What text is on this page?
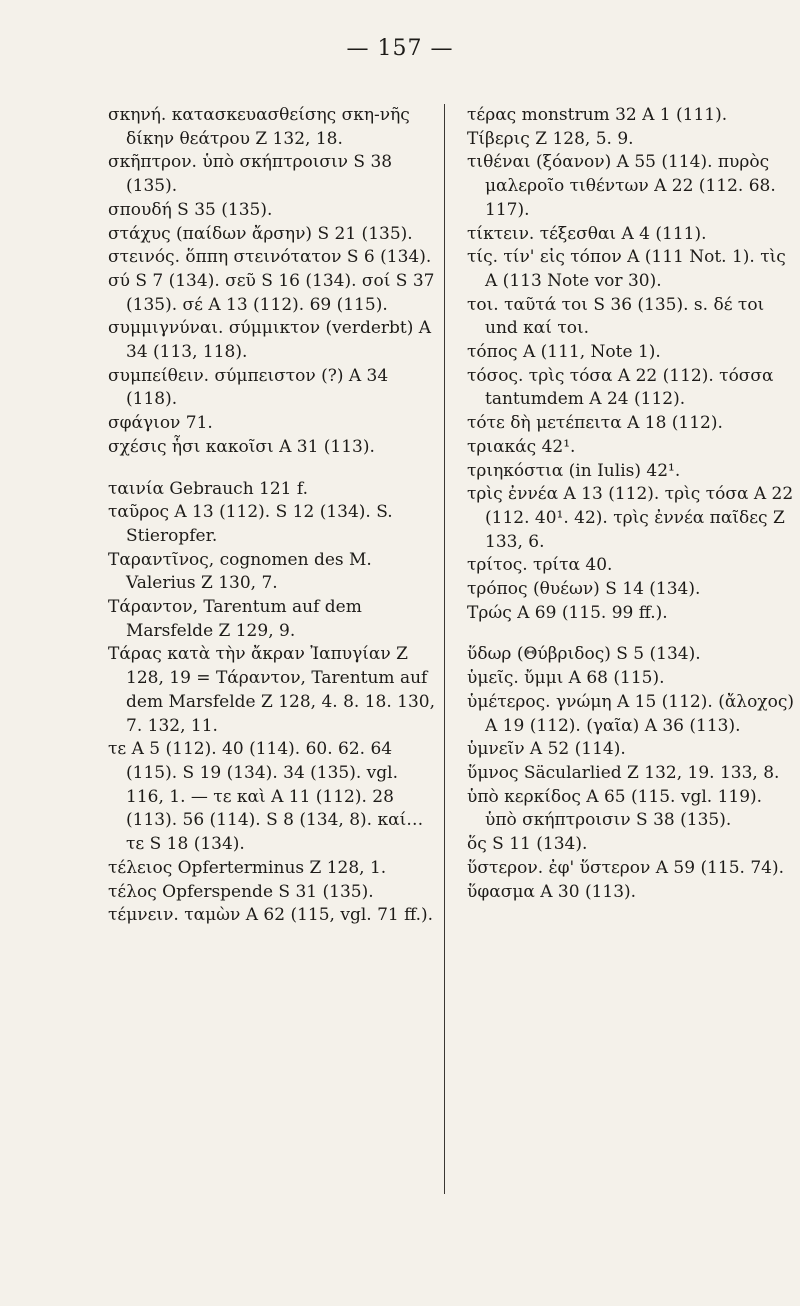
— 157 —
σκηνή. κατασκευασθείσης σκη-νῆς δίκην θεάτρου Z 132, 18.
σκῆπτρον. ὑπὸ σκήπτροισιν S 38 (135).
σπουδή S 35 (135).
στάχυς (παίδων ἄρσην) S 21 (135).
στεινός. ὅππη στεινότατον S 6 (134).
σύ S 7 (134). σεῦ S 16 (134). σοί S 37 (135). σέ A 13 (112). 69 (115).
συμμιγνύναι. σύμμικτον (verderbt) A 34 (113, 118).
συμπείθειν. σύμπειστον (?) A 34 (118).
σφάγιον 71.
σχέσις ἧσι κακοῖσι A 31 (113).
ταινία Gebrauch 121 f.
ταῦρος A 13 (112). S 12 (134). S. Stieropfer.
Ταραντῖνος, cognomen des M. Valerius Z 130, 7.
Τάραντον, Tarentum auf dem Marsfelde Z 129, 9.
Τάρας κατὰ τὴν ἄκραν Ἰαπυγίαν Z 128, 19 = Τάραντον, Tarentum auf dem Marsfelde Z 128, 4. 8. 18. 130, 7. 132, 11.
τε A 5 (112). 40 (114). 60. 62. 64 (115). S 19 (134). 34 (135). vgl. 116, 1. — τε καὶ A 11 (112). 28 (113). 56 (114). S 8 (134, 8). καί… τε S 18 (134).
τέλειος Opferterminus Z 128, 1.
τέλος Opferspende S 31 (135).
τέμνειν. ταμὼν A 62 (115, vgl. 71 ff.).
τέρας monstrum 32 A 1 (111).
Τίβερις Z 128, 5. 9.
τιθέναι (ξόανον) A 55 (114). πυρὸς μαλεροῖο τιθέντων A 22 (112. 68. 117).
τίκτειν. τέξεσθαι A 4 (111).
τίς. τίν' εἰς τόπον A (111 Not. 1). τὶς A (113 Note vor 30).
τοι. ταῦτά τοι S 36 (135). s. δέ τοι und καί τοι.
τόπος A (111, Note 1).
τόσος. τρὶς τόσα A 22 (112). τόσσα tantumdem A 24 (112).
τότε δὴ μετέπειτα A 18 (112).
τριακάς 42¹.
τριηκόστια (in Iulis) 42¹.
τρὶς ἐννέα A 13 (112). τρὶς τόσα A 22 (112. 40¹. 42). τρὶς ἐννέα παῖδες Z 133, 6.
τρίτος. τρίτα 40.
τρόπος (θυέων) S 14 (134).
Τρώς A 69 (115. 99 ff.).
ὕδωρ (Θύβριδος) S 5 (134).
ὑμεῖς. ὔμμι A 68 (115).
ὑμέτερος. γνώμη A 15 (112). (ἄλοχος) A 19 (112). (γαῖα) A 36 (113).
ὑμνεῖν A 52 (114).
ὕμνος Säcularlied Z 132, 19. 133, 8.
ὑπὸ κερκίδος A 65 (115. vgl. 119). ὑπὸ σκήπτροισιν S 38 (135).
ὅς S 11 (134).
ὕστερον. ἐφ' ὕστερον A 59 (115. 74).
ὕφασμα A 30 (113).
